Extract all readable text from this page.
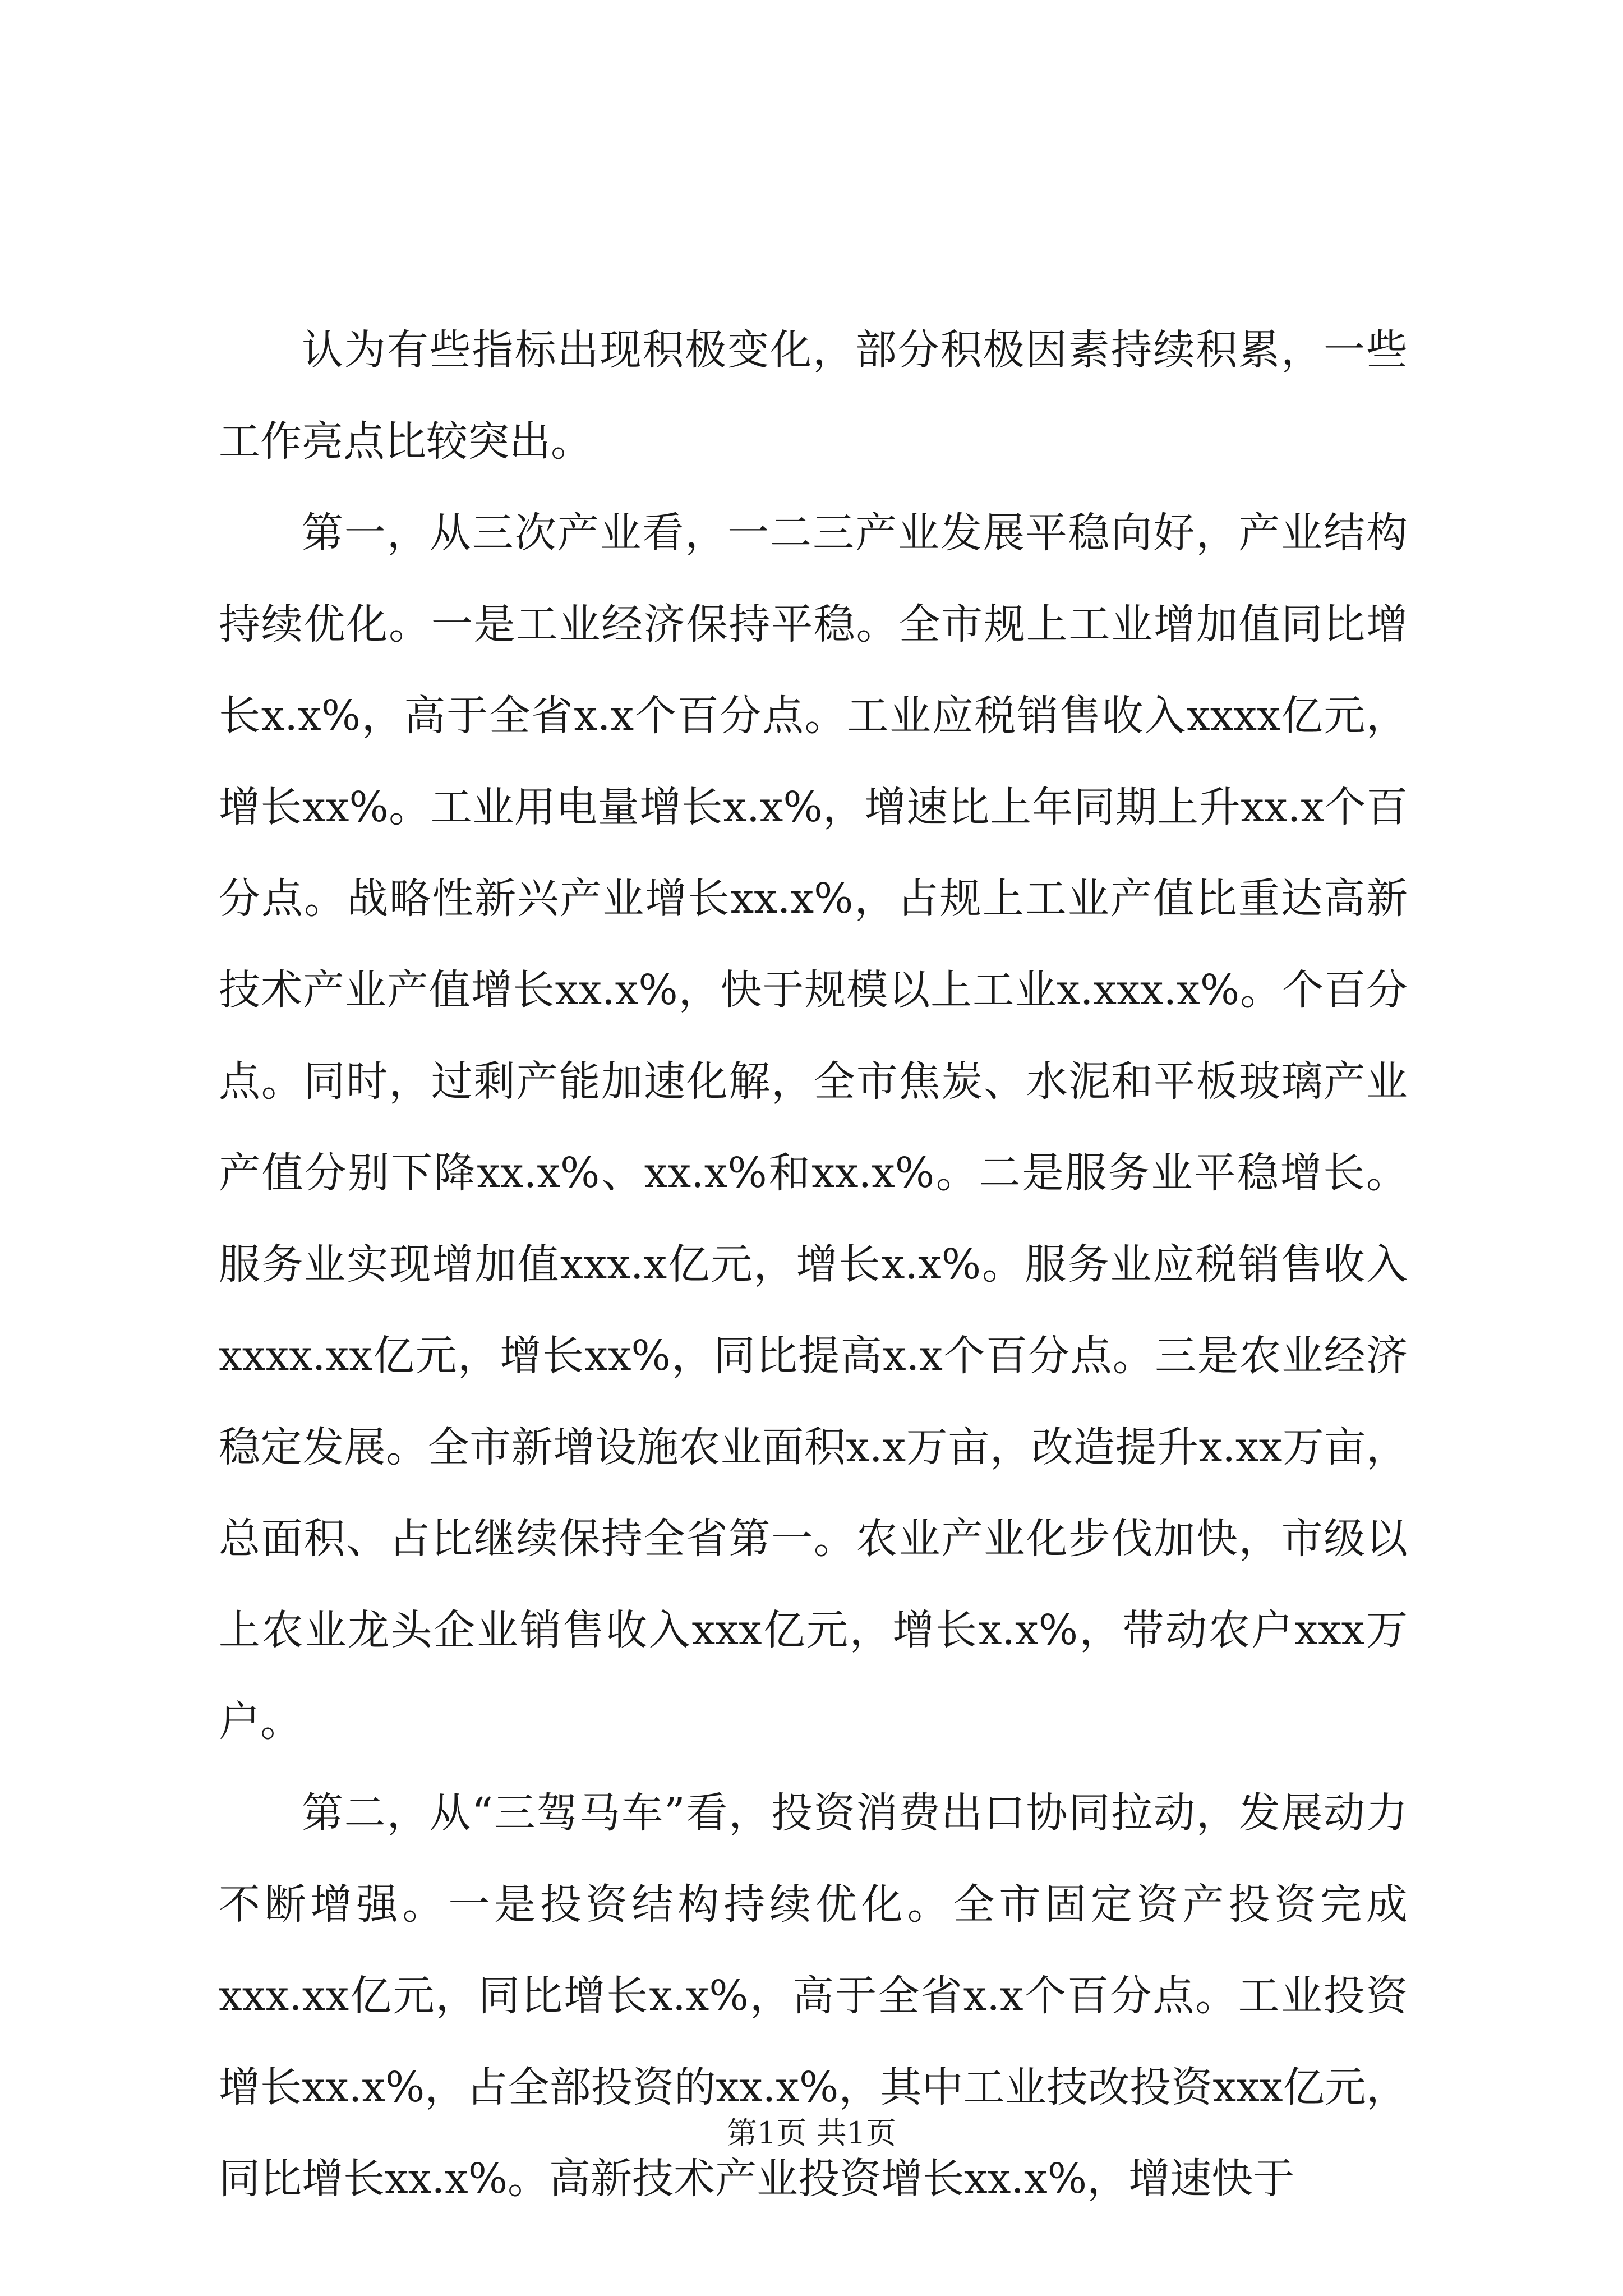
认为有些指标出现积极变化，部分积极因素持续积累，一些工作亮点比较突出。

第一，从三次产业看，一二三产业发展平稳向好，产业结构持续优化。一是工业经济保持平稳。全市规上工业增加值同比增长x.x%，高于全省x.x个百分点。工业应税销售收入xxxx亿元，增长xx%。工业用电量增长x.x%，增速比上年同期上升xx.x个百分点。战略性新兴产业增长xx.x%，占规上工业产值比重达高新技术产业产值增长xx.x%，快于规模以上工业x.xxx.x%。个百分点。同时，过剩产能加速化解，全市焦炭、水泥和平板玻璃产业产值分别下降xx.x%、xx.x%和xx.x%。二是服务业平稳增长。服务业实现增加值xxx.x亿元，增长x.x%。服务业应税销售收入xxxx.xx亿元，增长xx%，同比提高x.x个百分点。三是农业经济稳定发展。全市新增设施农业面积x.x万亩，改造提升x.xx万亩，总面积、占比继续保持全省第一。农业产业化步伐加快，市级以上农业龙头企业销售收入xxx亿元，增长x.x%，带动农户xxx万户。

第二，从“三驾马车”看，投资消费出口协同拉动，发展动力不断增强。一是投资结构持续优化。全市固定资产投资完成xxx.xx亿元，同比增长x.x%，高于全省x.x个百分点。工业投资增长xx.x%，占全部投资的xx.x%，其中工业技改投资xxx亿元，同比增长xx.x%。高新技术产业投资增长xx.x%，增速快于

第1页 共1页
